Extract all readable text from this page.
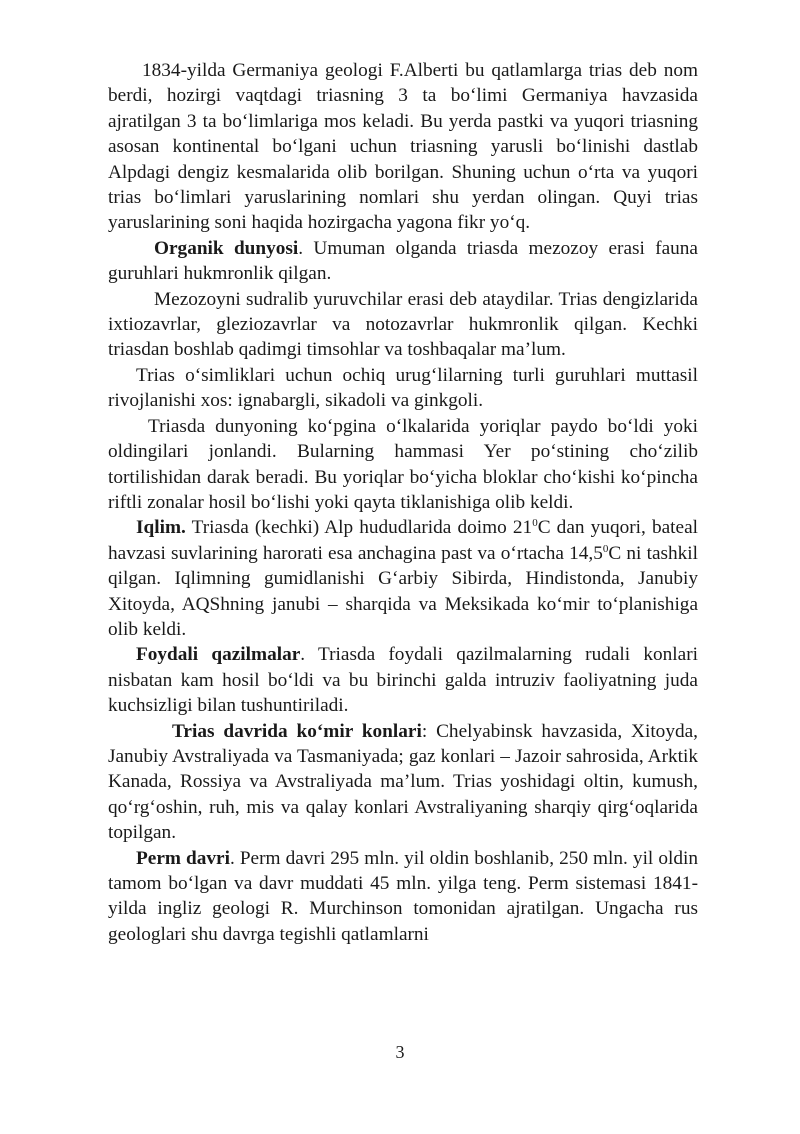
1834-yilda Germaniya geologi F.Alberti bu qatlamlarga trias deb nom berdi, hozirgi vaqtdagi triasning 3 ta bo‘limi Germaniya havzasida ajratilgan 3 ta bo‘limlariga mos keladi. Bu yerda pastki va yuqori triasning asosan kontinental bo‘lgani uchun triasning yarusli bo‘linishi dastlab Alpdagi dengiz kesmalarida olib borilgan. Shuning uchun o‘rta va yuqori trias bo‘limlari yaruslarining nomlari shu yerdan olingan. Quyi trias yaruslarining soni haqida hozirgacha yagona fikr yo‘q.

Organik dunyosi. Umuman olganda triasda mezozoy erasi fauna guruhlari hukmronlik qilgan.

Mezozoyni sudralib yuruvchilar erasi deb ataydilar. Trias dengizlarida ixtiozavrlar, gleziozavrlar va notozavrlar hukmronlik qilgan. Kechki triasdan boshlab qadimgi timsohlar va toshbaqalar ma’lum.

Trias o‘simliklari uchun ochiq urug‘lilarning turli guruhlari muttasil rivojlanishi xos: ignabargli, sikadoli va ginkgoli.

Triasda dunyoning ko‘pgina o‘lkalarida yoriqlar paydo bo‘ldi yoki oldingilari jonlandi. Bularning hammasi Yer po‘stining cho‘zilib tortilishidan darak beradi. Bu yoriqlar bo‘yicha bloklar cho‘kishi ko‘pincha riftli zonalar hosil bo‘lishi yoki qayta tiklanishiga olib keldi.

Iqlim. Triasda (kechki) Alp hududlarida doimo $21^0C$ dan yuqori, bateal havzasi suvlarining harorati esa anchagina past va o‘rtacha 14,5$^0$C ni tashkil qilgan. Iqlimning gumidlanishi G‘arbiy Sibirda, Hindistonda, Janubiy Xitoyda, AQShning janubi – sharqida va Meksikada ko‘mir to‘planishiga olib keldi.

Foydali qazilmalar. Triasda foydali qazilmalarning rudali konlari nisbatan kam hosil bo‘ldi va bu birinchi galda intruziv faoliyatning juda kuchsizligi bilan tushuntiriladi.

Trias davrida ko‘mir konlari: Chelyabinsk havzasida, Xitoyda, Janubiy Avstraliyada va Tasmaniyada; gaz konlari – Jazoir sahrosida, Arktik Kanada, Rossiya va Avstraliyada ma’lum. Trias yoshidagi oltin, kumush, qo‘rg‘oshin, ruh, mis va qalay konlari Avstraliyaning sharqiy qirg‘oqlarida topilgan.

Perm davri. Perm davri 295 mln. yil oldin boshlanib, 250 mln. yil oldin tamom bo‘lgan va davr muddati 45 mln. yilga teng. Perm sistemasi 1841-yilda ingliz geologi R. Murchinson tomonidan ajratilgan. Ungacha rus geologlari shu davrga tegishli qatlamlarni

3
